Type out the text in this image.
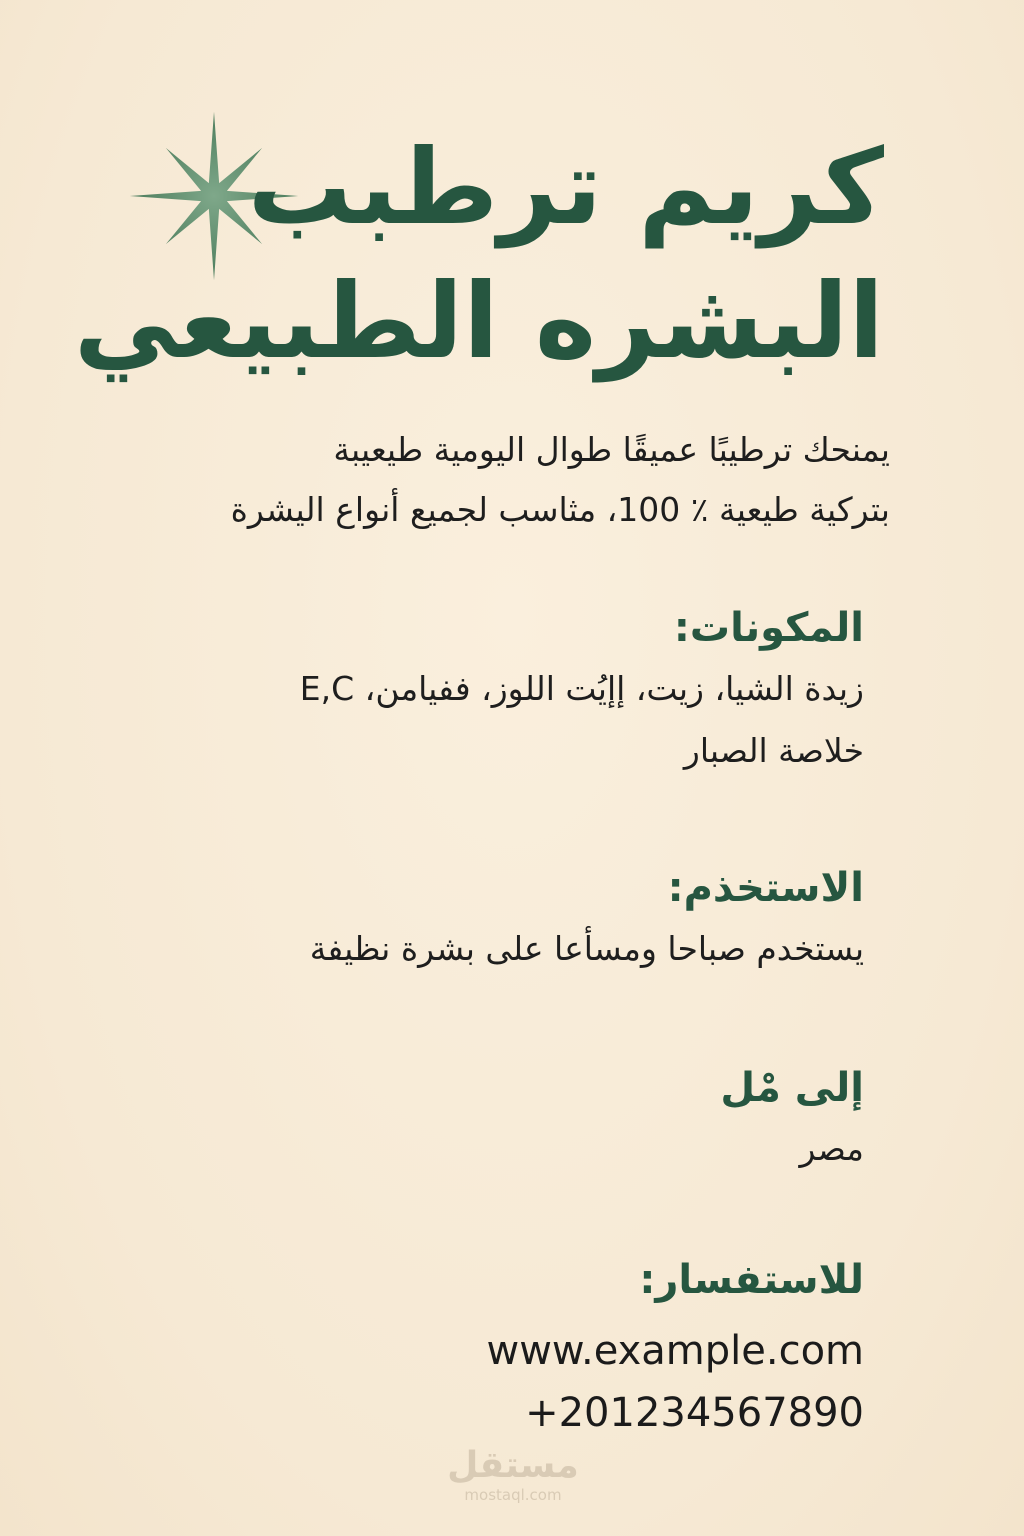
كريم ترطبب
البشره الطبيعي
يمنحك ترطيبًا عميقًا طوال اليومية طيعيبة
بتركية طيعية ٪ 100، مثاسب لجميع أنواع اليشرة
المكونات:
زيدة الشيا، زيت، إإيُت اللوز، ففيامن، E,C
خلاصة الصبار
الاستخذم:
يستخدم صباحا ومسأعا على بشرة نظيفة
إلى مْل
مصر
للاستفسار:
www.example.com
+201234567890
مستقل
mostaql.com
